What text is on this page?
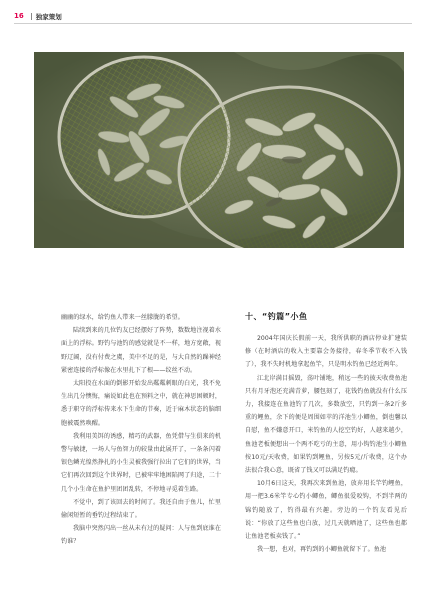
16 独家策划

幽幽的绿水，给钓鱼人带来一丝朦胧的希望。

陆续到来的几位钓友已经摆好了阵势，数数地注视着水面上的浮标。野钓与池钓的感觉就是不一样，地方宽敞，视野辽阔，没有付费之虞，美中不足的是，与大自然的躁神经紧密连接的浮标像在水里扎下了根——纹丝不动。

太阳投在水面的倒影开始发出粼粼刺眼的白光，我不免生出几分懊悔，痛说如此也在预料之中，就在神思困顿时，悉于职守的浮标传来水下生命的节奏，近于麻木状态的脑细胞被震然唤醒。

我利用美饵的诱感，精巧的武器，鱼凭借与生俱来的机警与敏捷，一场人与鱼智力的较量由此展开了，一条条闪着银色鳞光惶然挣扎的小生灵被我强行拉出了它们的世界，当它们再次回到这个世界时，已被牢牢地困陷网了归途，二十几个小生命在鱼护里团团乱转，不停地寻觅着生路。

不觉中，到了该回去的时间了。我还自由于鱼儿，忙里偷闲短暂的垂钓过程结束了。

我脑中突然闪出一丝从未有过的疑问：人与鱼到底谁在钓谁？

十、“钓篇”小鱼

2004年国庆长假前一天，我所供职的酒店停业扩建装修（在时酒店的收入主要靠会务接待，春冬季节收不入钱了），我不失时机地拿起鱼竿，只是明水钓鱼已经近两年。

江北岸满目摇毁，荡叶铺地，稍远一些的披天收费鱼池只有月牙泡还充满青萝，腰包刻了，花钱钓鱼就没有什么压力，我接连在鱼池钓了几次，多数放空，只钓到一条2斤多重的鲤鱼，余下的便是周围如苹的洋池生小鲫鱼，倒也馨以自慰，鱼不嫌意开口，米钓鱼的人挖空钓好，人越来越少，鱼池老板便想出一个两不吃亏的主意，用小钩钓池生小鲫鱼按10元/天收费，如果钓到鲤鱼，另按5元/斤收费，这个办法很合我心意，既省了钱又可以满足钓瘾。

10月6日这天，我再次来到鱼池，放弃用长竿钓鲤鱼，用一把3.6米竿专心钓小鲫鱼，鲫鱼很爱咬钩，不到半两的锦钓随放了，钓得最有兴趣。旁边的一个钓友看见后说：“你放了这些鱼也白放，过几天就晒池了，这些鱼也都让鱼池老板卖钱了。”

我一想，也对，再钓到的小鲫鱼就留下了。鱼池
